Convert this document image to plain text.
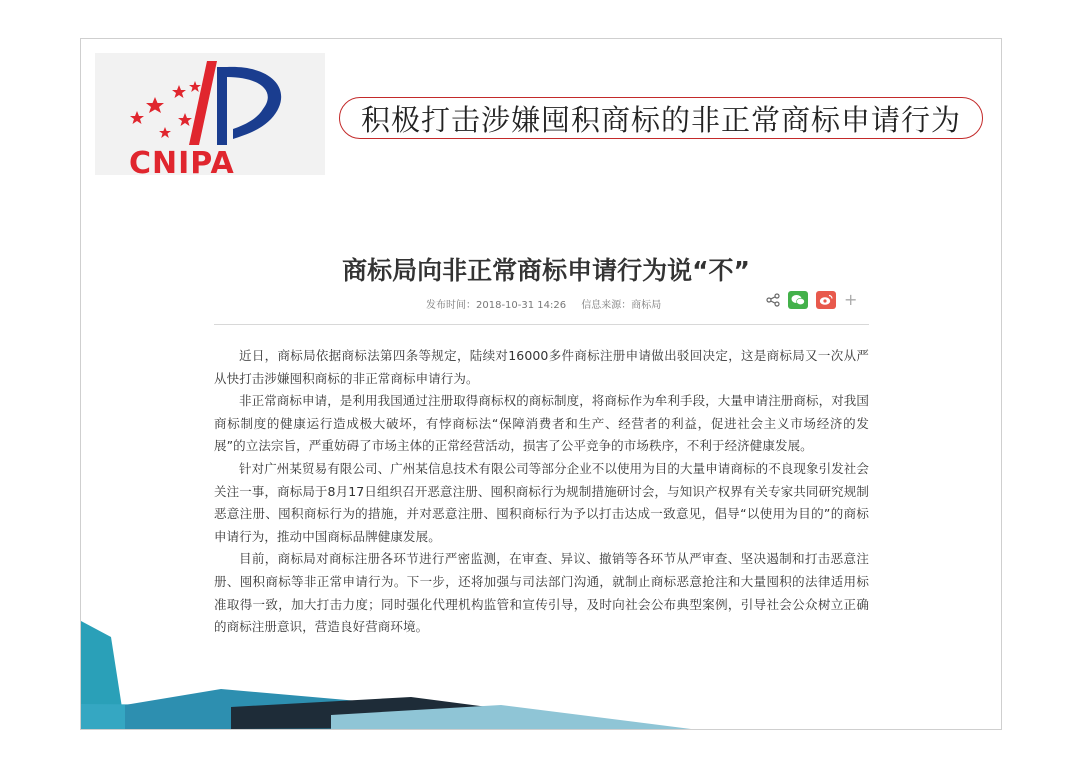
CNIPA
积极打击涉嫌囤积商标的非正常商标申请行为
商标局向非正常商标申请行为说“不”
发布时间：2018-10-31 14:26 信息来源：商标局	+

近日，商标局依据商标法第四条等规定，陆续对16000多件商标注册申请做出驳回决定，这是商标局又一次从严从快打击涉嫌囤积商标的非正常商标申请行为。

非正常商标申请，是利用我国通过注册取得商标权的商标制度，将商标作为牟利手段，大量申请注册商标，对我国商标制度的健康运行造成极大破坏，有悖商标法“保障消费者和生产、经营者的利益，促进社会主义市场经济的发展”的立法宗旨，严重妨碍了市场主体的正常经营活动，损害了公平竞争的市场秩序，不利于经济健康发展。

针对广州某贸易有限公司、广州某信息技术有限公司等部分企业不以使用为目的大量申请商标的不良现象引发社会关注一事，商标局于8月17日组织召开恶意注册、囤积商标行为规制措施研讨会，与知识产权界有关专家共同研究规制恶意注册、囤积商标行为的措施，并对恶意注册、囤积商标行为予以打击达成一致意见，倡导“以使用为目的”的商标申请行为，推动中国商标品牌健康发展。

目前，商标局对商标注册各环节进行严密监测，在审查、异议、撤销等各环节从严审查、坚决遏制和打击恶意注册、囤积商标等非正常申请行为。下一步，还将加强与司法部门沟通，就制止商标恶意抢注和大量囤积的法律适用标准取得一致，加大打击力度；同时强化代理机构监管和宣传引导，及时向社会公布典型案例，引导社会公众树立正确的商标注册意识，营造良好营商环境。
